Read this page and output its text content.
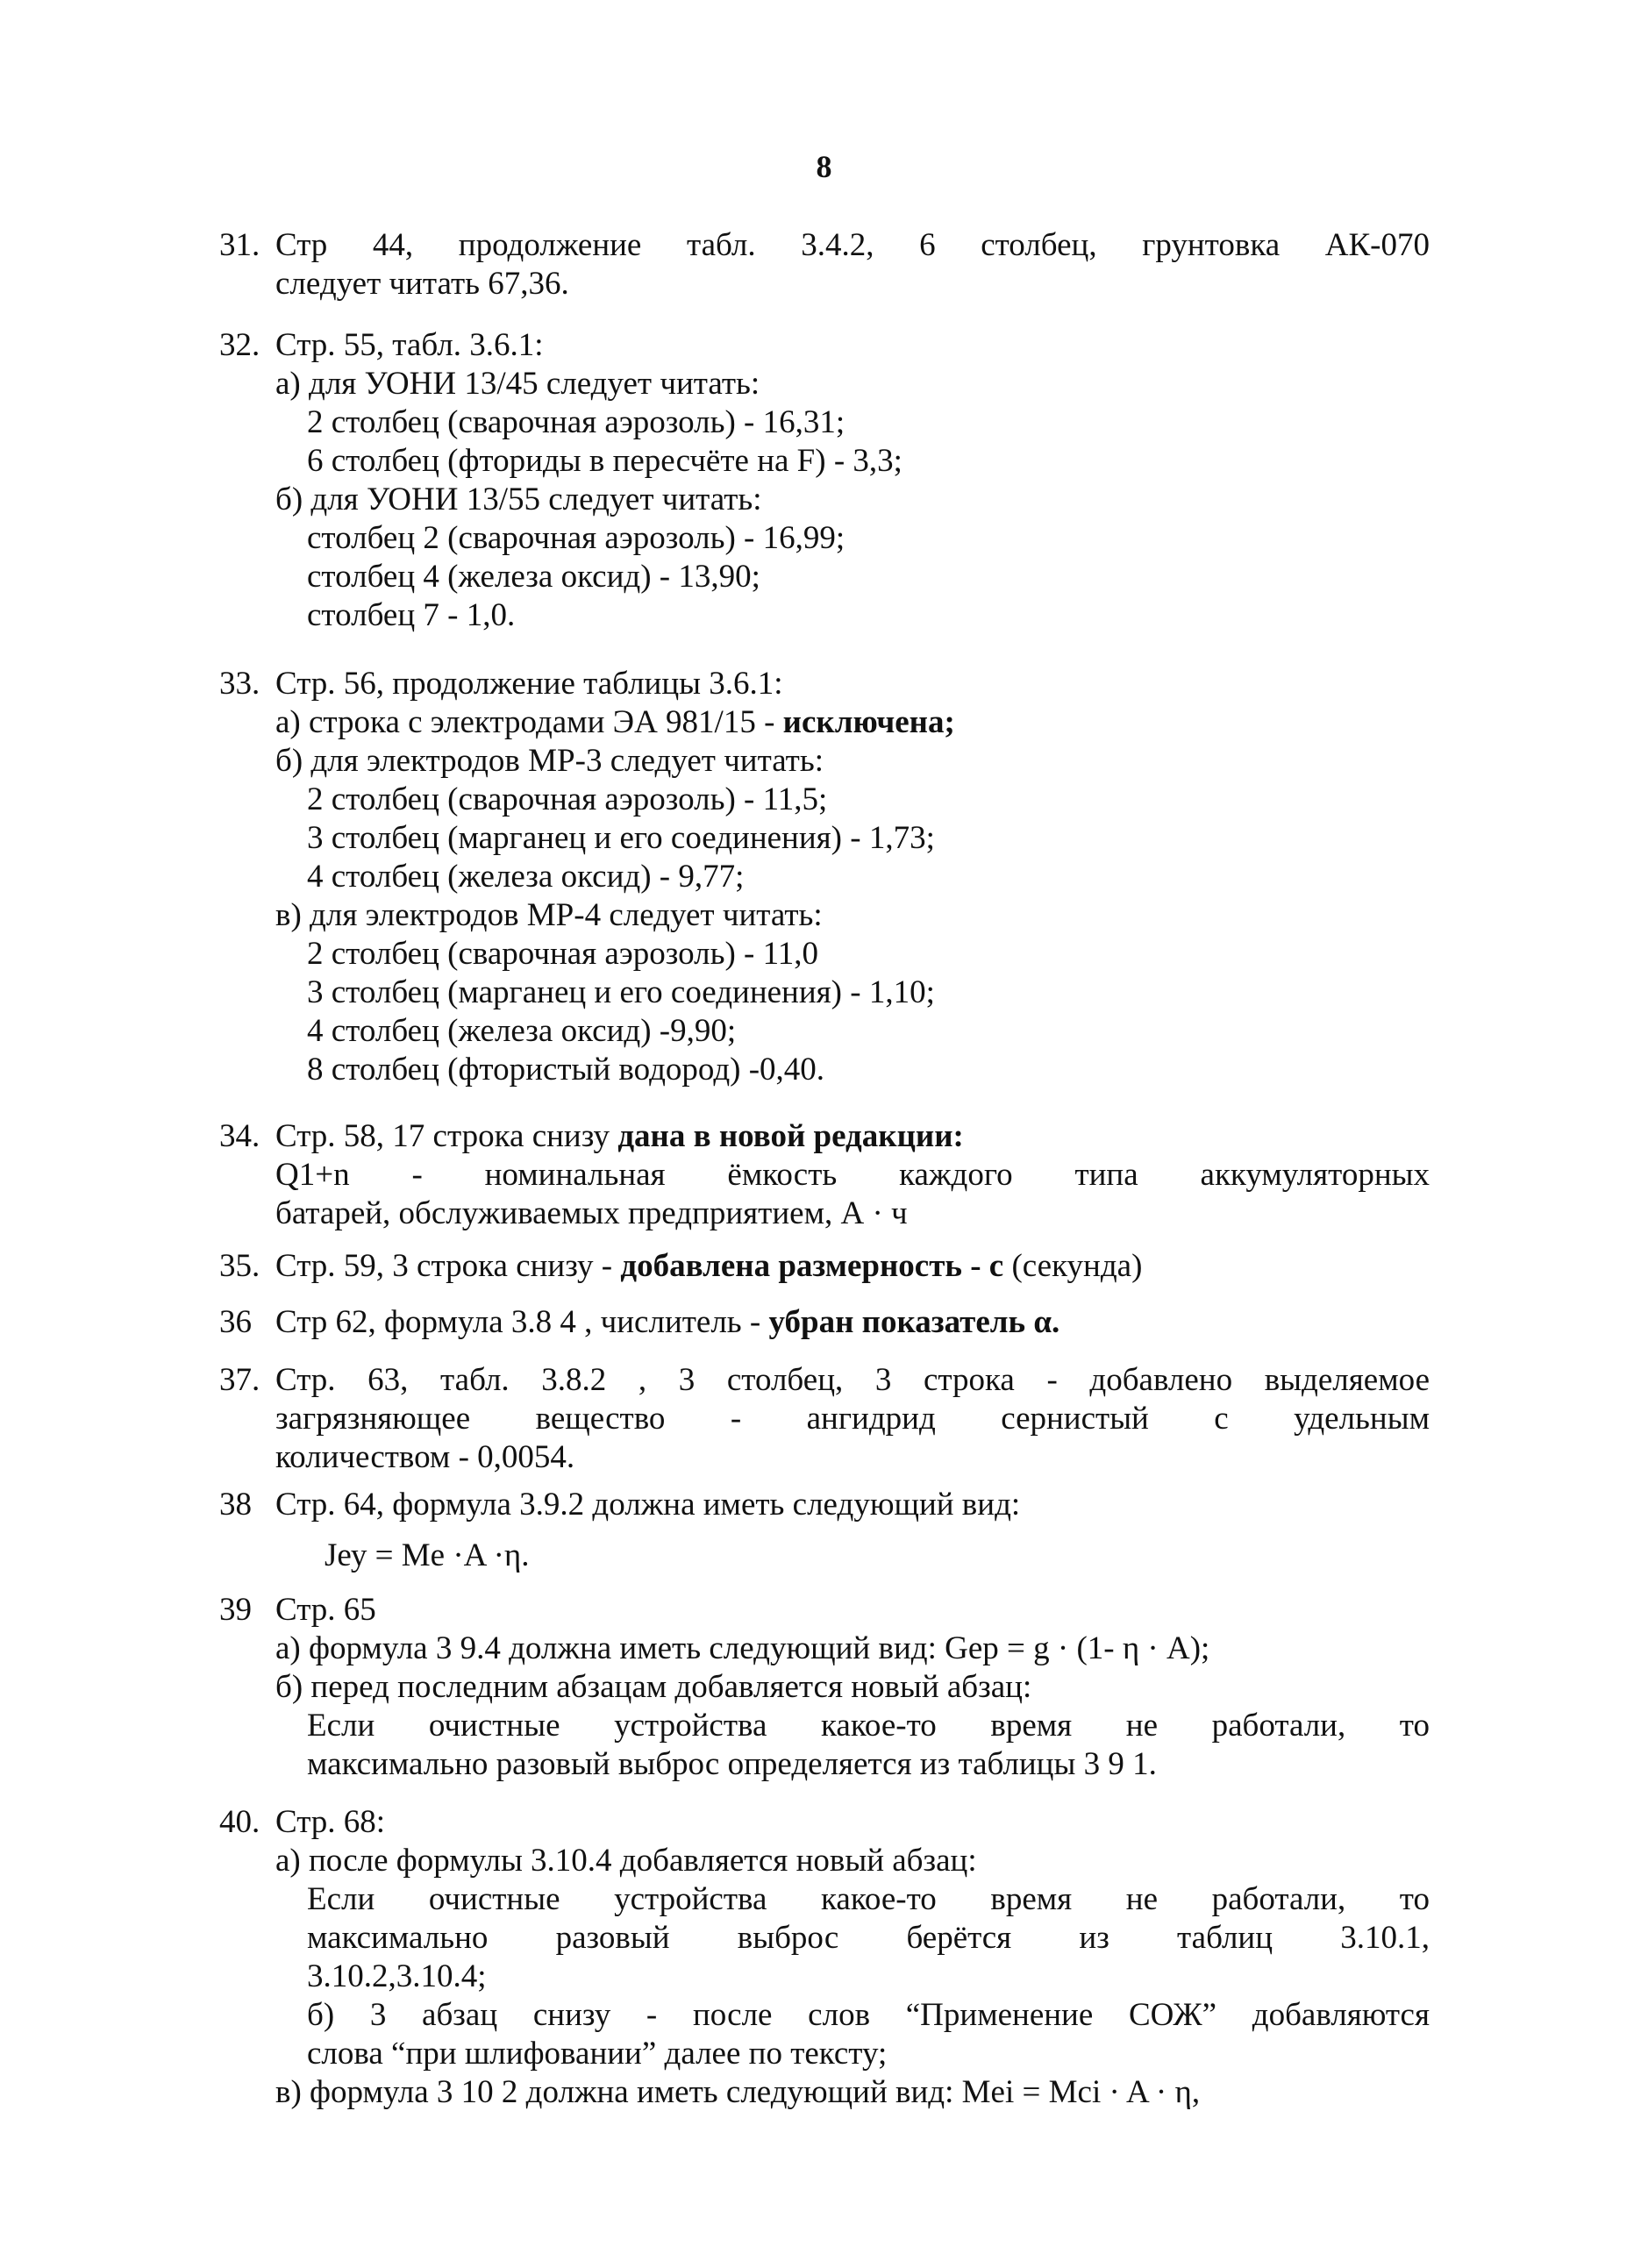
8
31. Стр 44, продолжение табл. 3.4.2, 6 столбец, грунтовка АК-070
следует читать 67,36.
32. Стр. 55, табл. 3.6.1:
а) для УОНИ 13/45 следует читать:
2 столбец (сварочная аэрозоль) - 16,31;
6 столбец (фториды в пересчёте на F) - 3,3;
б) для УОНИ 13/55 следует читать:
столбец 2 (сварочная аэрозоль) - 16,99;
столбец 4 (железа оксид) - 13,90;
столбец 7 - 1,0.
33. Стр. 56, продолжение таблицы 3.6.1:
а) строка с электродами ЭА 981/15 - исключена;
б) для электродов МР-3 следует читать:
2 столбец (сварочная аэрозоль) - 11,5;
3 столбец (марганец и его соединения) - 1,73;
4 столбец (железа оксид) - 9,77;
в) для электродов МР-4 следует читать:
2 столбец (сварочная аэрозоль) - 11,0
3 столбец (марганец и его соединения) - 1,10;
4 столбец (железа оксид) -9,90;
8 столбец (фтористый водород) -0,40.
34. Стр. 58, 17 строка снизу дана в новой редакции:
Q1+n - номинальная ёмкость каждого типа аккумуляторных
батарей, обслуживаемых предприятием, А · ч
35. Стр. 59, 3 строка снизу - добавлена размерность - с (секунда)
36 Стр 62, формула 3.8 4 , числитель - убран показатель α.
37. Стр. 63, табл. 3.8.2 , 3 столбец, 3 строка - добавлено выделяемое
загрязняющее вещество - ангидрид сернистый с удельным
количеством - 0,0054.
38 Стр. 64, формула 3.9.2 должна иметь следующий вид:
Jеу = Mе ·A ·η.
39 Стр. 65
а) формула 3 9.4 должна иметь следующий вид: Gер = g · (1- η · A);
б) перед последним абзацам добавляется новый абзац:
Если очистные устройства какое-то время не работали, то
максимально разовый выброс определяется из таблицы 3 9 1.
40. Стр. 68:
а) после формулы 3.10.4 добавляется новый абзац:
Если очистные устройства какое-то время не работали, то
максимально разовый выброс берётся из таблиц 3.10.1,
3.10.2,3.10.4;
б) 3 абзац снизу - после слов “Применение СОЖ” добавляются
слова “при шлифовании” далее по тексту;
в) формула 3 10 2 должна иметь следующий вид: Mеi = Mсi · A · η,
